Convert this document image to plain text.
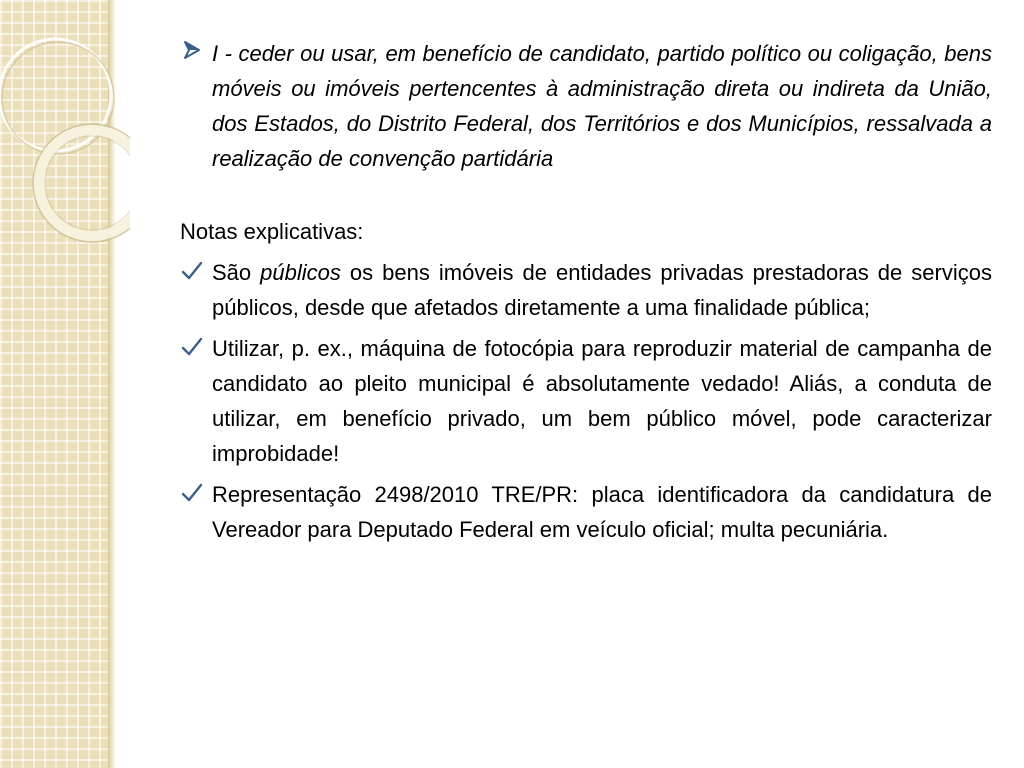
I - ceder ou usar, em benefício de candidato, partido político ou coligação, bens móveis ou imóveis pertencentes à administração direta ou indireta da União, dos Estados, do Distrito Federal, dos Territórios e dos Municípios, ressalvada a realização de convenção partidária
Notas explicativas:
São públicos os bens imóveis de entidades privadas prestadoras de serviços públicos, desde que afetados diretamente a uma finalidade pública;
Utilizar, p. ex., máquina de fotocópia para reproduzir material de campanha de candidato ao pleito municipal é absolutamente vedado! Aliás, a conduta de utilizar, em benefício privado, um bem público móvel, pode caracterizar improbidade!
Representação 2498/2010 TRE/PR: placa identificadora da candidatura de Vereador para Deputado Federal em veículo oficial; multa pecuniária.
